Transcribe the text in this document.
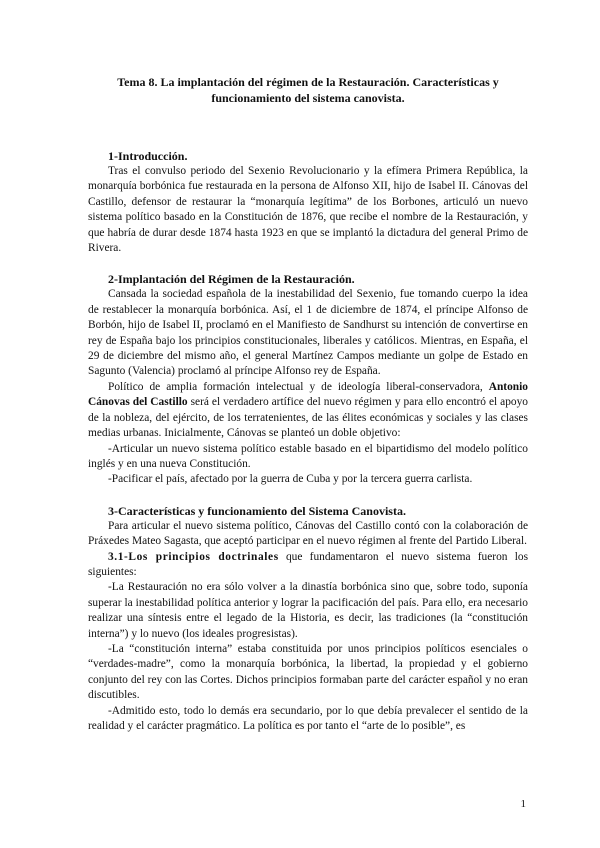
Tema 8. La implantación del régimen de la Restauración. Características y
funcionamiento del sistema canovista.
1-Introducción.

Tras el convulso periodo del Sexenio Revolucionario y la efímera Primera República, la monarquía borbónica fue restaurada en la persona de Alfonso XII, hijo de Isabel II. Cánovas del Castillo, defensor de restaurar la “monarquía legítima” de los Borbones, articuló un nuevo sistema político basado en la Constitución de 1876, que recibe el nombre de la Restauración, y que habría de durar desde 1874 hasta 1923 en que se implantó la dictadura del general Primo de Rivera.

2-Implantación del Régimen de la Restauración.

Cansada la sociedad española de la inestabilidad del Sexenio, fue tomando cuerpo la idea de restablecer la monarquía borbónica. Así, el 1 de diciembre de 1874, el príncipe Alfonso de Borbón, hijo de Isabel II, proclamó en el Manifiesto de Sandhurst su intención de convertirse en rey de España bajo los principios constitucionales, liberales y católicos. Mientras, en España, el 29 de diciembre del mismo año, el general Martínez Campos mediante un golpe de Estado en Sagunto (Valencia) proclamó al príncipe Alfonso rey de España.

Político de amplia formación intelectual y de ideología liberal-conservadora, Antonio Cánovas del Castillo será el verdadero artífice del nuevo régimen y para ello encontró el apoyo de la nobleza, del ejército, de los terratenientes, de las élites económicas y sociales y las clases medias urbanas. Inicialmente, Cánovas se planteó un doble objetivo:

-Articular un nuevo sistema político estable basado en el bipartidismo del modelo político inglés y en una nueva Constitución.

-Pacificar el país, afectado por la guerra de Cuba y por la tercera guerra carlista.

3-Características y funcionamiento del Sistema Canovista.

Para articular el nuevo sistema político, Cánovas del Castillo contó con la colaboración de Práxedes Mateo Sagasta, que aceptó participar en el nuevo régimen al frente del Partido Liberal.

3.1-Los principios doctrinales que fundamentaron el nuevo sistema fueron los siguientes:

-La Restauración no era sólo volver a la dinastía borbónica sino que, sobre todo, suponía superar la inestabilidad política anterior y lograr la pacificación del país. Para ello, era necesario realizar una síntesis entre el legado de la Historia, es decir, las tradiciones (la “constitución interna”) y lo nuevo (los ideales progresistas).

-La “constitución interna” estaba constituida por unos principios políticos esenciales o “verdades-madre”, como la monarquía borbónica, la libertad, la propiedad y el gobierno conjunto del rey con las Cortes. Dichos principios formaban parte del carácter español y no eran discutibles.

-Admitido esto, todo lo demás era secundario, por lo que debía prevalecer el sentido de la realidad y el carácter pragmático. La política es por tanto el “arte de lo posible”, es

1
